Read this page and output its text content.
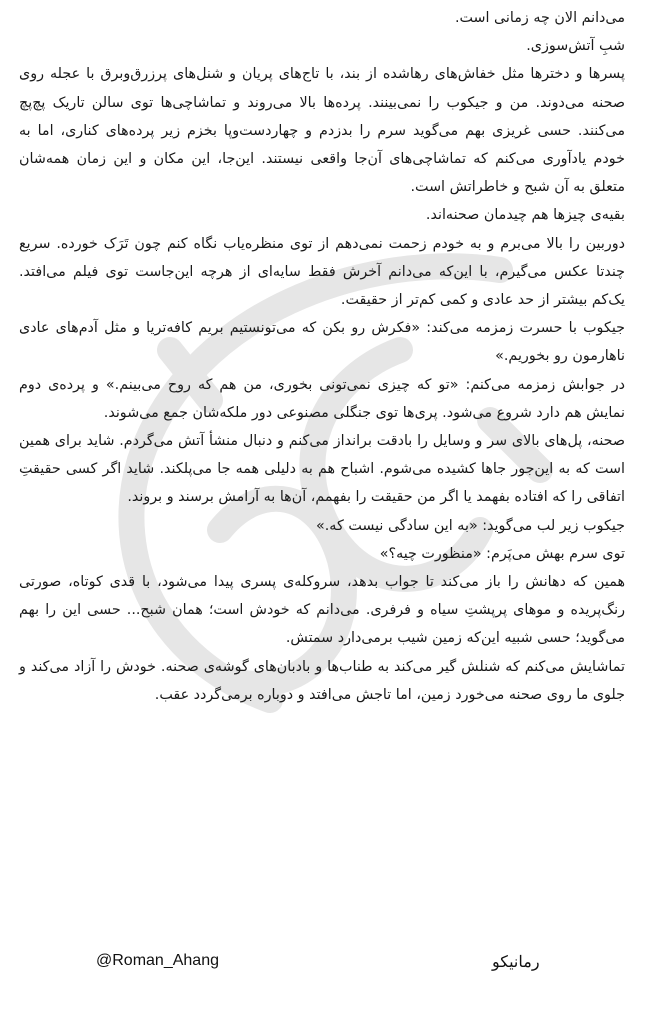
می‌دانم الان چه زمانی است.

شبِ آتش‌سوزی.

پسرها و دخترها مثل خفاش‌های رهاشده از بند، با تاج‌های پریان و شنل‌های پرزرق‌وبرق با عجله روی صحنه می‌دوند. من و جیکوب را نمی‌بینند. پرده‌ها بالا می‌روند و تماشاچی‌ها توی سالن تاریک پچ‌پچ می‌کنند. حسی غریزی بهم می‌گوید سرم را بدزدم و چهاردست‌وپا بخزم زیر پرده‌های کناری، اما به خودم یادآوری می‌کنم که تماشاچی‌های آن‌جا واقعی نیستند. این‌جا، این مکان و این زمان همه‌شان متعلق به آن شبح و خاطراتش است.

بقیه‌ی چیزها هم چیدمان صحنه‌اند.

دوربین را بالا می‌برم و به خودم زحمت نمی‌دهم از توی منظره‌یاب نگاه کنم چون تَرَک خورده. سریع چندتا عکس می‌گیرم، با این‌که می‌دانم آخرش فقط سایه‌ای از هرچه این‌جاست توی فیلم می‌افتد. یک‌کم بیشتر از حد عادی و کمی کم‌تر از حقیقت.

جیکوب با حسرت زمزمه می‌کند: «فکرش رو بکن که می‌تونستیم بریم کافه‌تریا و مثل آدم‌های عادی ناهارمون رو بخوریم.»

در جوابش زمزمه می‌کنم: «تو که چیزی نمی‌تونی بخوری، من هم که روح می‌بینم.» و پرده‌ی دوم نمایش هم دارد شروع می‌شود. پری‌ها توی جنگلی مصنوعی دور ملکه‌شان جمع می‌شوند.

صحنه، پل‌های بالای سر و وسایل را بادقت برانداز می‌کنم و دنبال منشأ آتش می‌گردم. شاید برای همین است که به این‌جور جاها کشیده می‌شوم. اشباح هم به دلیلی همه جا می‌پلکند. شاید اگر کسی حقیقتِ اتفاقی را که افتاده بفهمد یا اگر من حقیقت را بفهمم، آن‌ها به آرامش برسند و بروند.

جیکوب زیر لب می‌گوید: «به این سادگی نیست که.»

توی سرم بهش می‌پَرم: «منظورت چیه؟»

همین که دهانش را باز می‌کند تا جواب بدهد، سروکله‌ی پسری پیدا می‌شود، با قدی کوتاه، صورتی رنگ‌پریده و موهای پرپشتِ سیاه و فرفری. می‌دانم که خودش است؛ همان شبح... حسی این را بهم می‌گوید؛ حسی شبیه این‌که زمین شیب برمی‌دارد سمتش.

تماشایش می‌کنم که شنلش گیر می‌کند به طناب‌ها و بادبان‌های گوشه‌ی صحنه. خودش را آزاد می‌کند و جلوی ما روی صحنه می‌خورد زمین، اما تاجش می‌افتد و دوباره برمی‌گردد عقب.

@Roman_Ahang	رمانیکو
